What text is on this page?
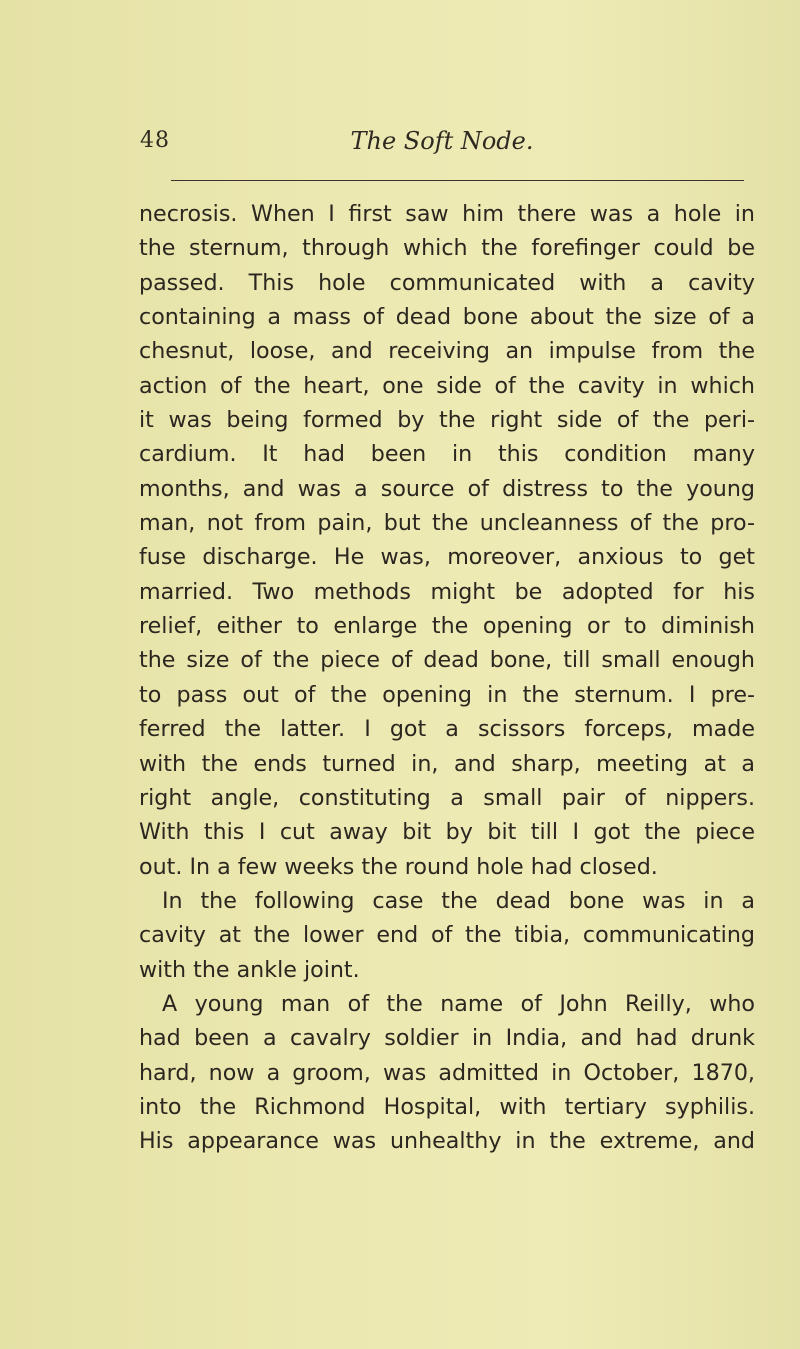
48	The Soft Node.
necrosis. When I first saw him there was a hole in
the sternum, through which the forefinger could be
passed. This hole communicated with a cavity
containing a mass of dead bone about the size of a
chesnut, loose, and receiving an impulse from the
action of the heart, one side of the cavity in which
it was being formed by the right side of the peri-
cardium. It had been in this condition many
months, and was a source of distress to the young
man, not from pain, but the uncleanness of the pro-
fuse discharge. He was, moreover, anxious to get
married. Two methods might be adopted for his
relief, either to enlarge the opening or to diminish
the size of the piece of dead bone, till small enough
to pass out of the opening in the sternum. I pre-
ferred the latter. I got a scissors forceps, made
with the ends turned in, and sharp, meeting at a
right angle, constituting a small pair of nippers.
With this I cut away bit by bit till I got the piece
out. In a few weeks the round hole had closed.
In the following case the dead bone was in a
cavity at the lower end of the tibia, communicating
with the ankle joint.
A young man of the name of John Reilly, who
had been a cavalry soldier in India, and had drunk
hard, now a groom, was admitted in October, 1870,
into the Richmond Hospital, with tertiary syphilis.
His appearance was unhealthy in the extreme, and
